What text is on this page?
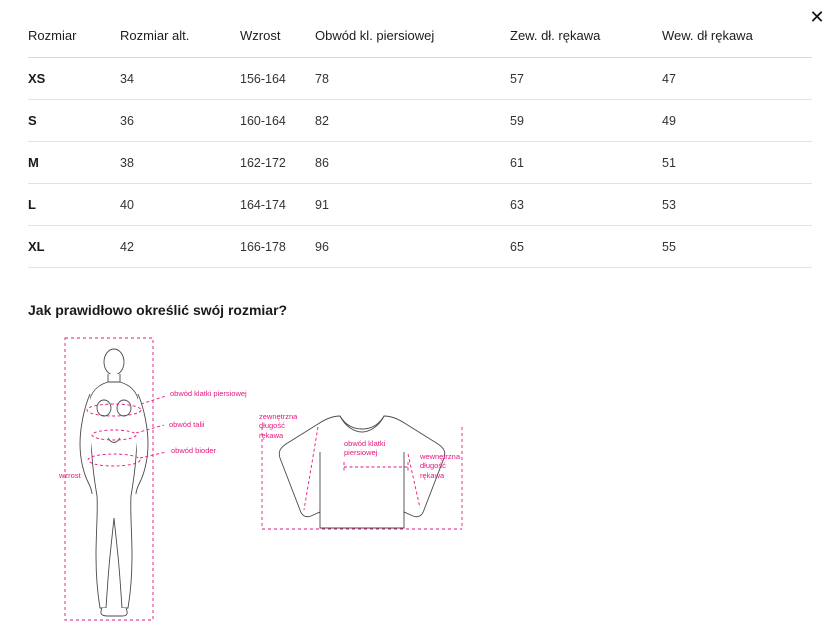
✕
Rozmiar	Rozmiar alt.	Wzrost	Obwód kl. piersiowej	Zew. dł. rękawa	Wew. dł rękawa
XS	34	156-164	78	57	47
S	36	160-164	82	59	49
M	38	162-172	86	61	51
L	40	164-174	91	63	53
XL	42	166-178	96	65	55
Jak prawidłowo określić swój rozmiar?
obwód klatki piersiowej
obwód talii
obwód bioder
wzrost
zewnętrzna długość rękawa
obwód klatki piersiowej	wewnętrzna długość rękawa
